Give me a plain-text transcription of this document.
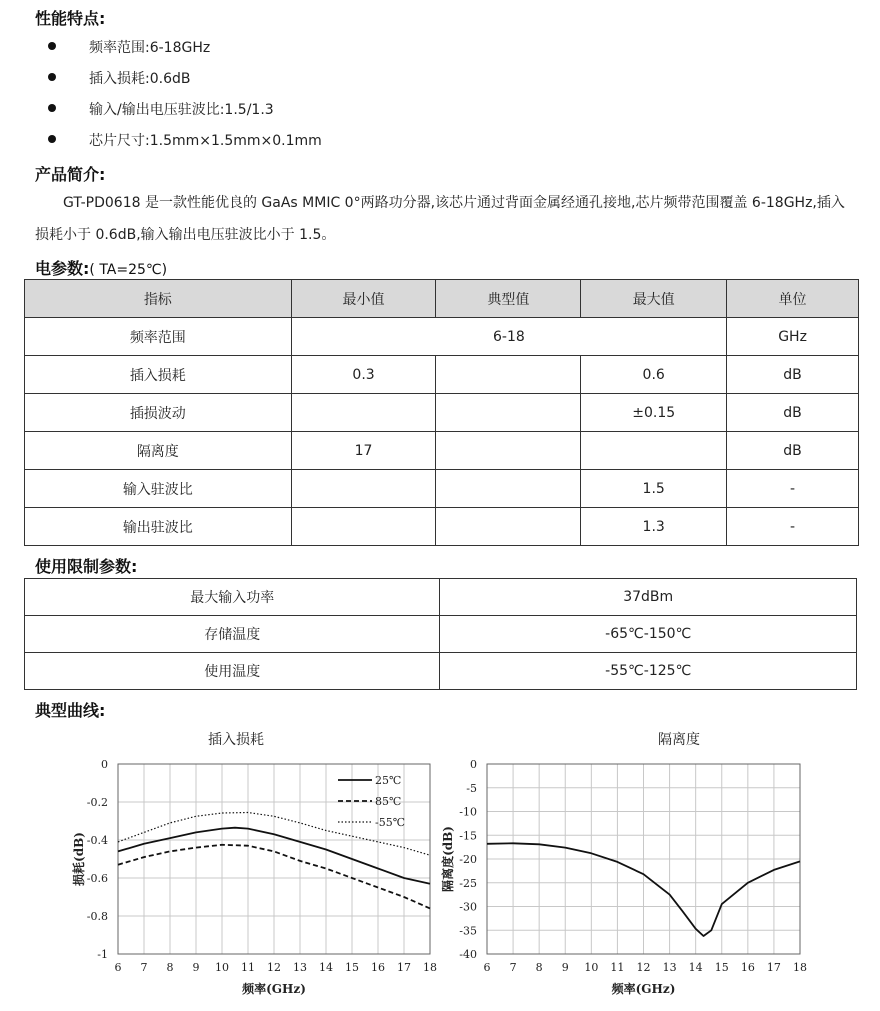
性能特点:
频率范围:6-18GHz
插入损耗:0.6dB
输入/输出电压驻波比:1.5/1.3
芯片尺寸:1.5mm×1.5mm×0.1mm
产品简介:
GT-PD0618 是一款性能优良的 GaAs MMIC 0°两路功分器,该芯片通过背面金属经通孔接地,芯片频带范围覆盖 6-18GHz,插入损耗小于 0.6dB,输入输出电压驻波比小于 1.5。
电参数:( TA=25℃)
指标	最小值	典型值	最大值	单位
频率范围	6-18			GHz
插入损耗	0.3		0.6	dB
插损波动			±0.15	dB
隔离度	17			dB
输入驻波比			1.5	-
输出驻波比			1.3	-
使用限制参数:
最大输入功率	37dBm
存储温度	-65℃-150℃
使用温度	-55℃-125℃
典型曲线:
插入损耗	隔离度
6 7 8 9 10 11 12 13 14 15 16 17 18
0
-0.2
-0.4
-0.6
-0.8
-1
频率(GHz)
损耗(dB)
25℃
85℃
-55℃
6 7 8 9 10 11 12 13 14 15 16 17 18
0
-5
-10
-15
-20
-25
-30
-35
-40
频率(GHz)
隔离度(dB)
